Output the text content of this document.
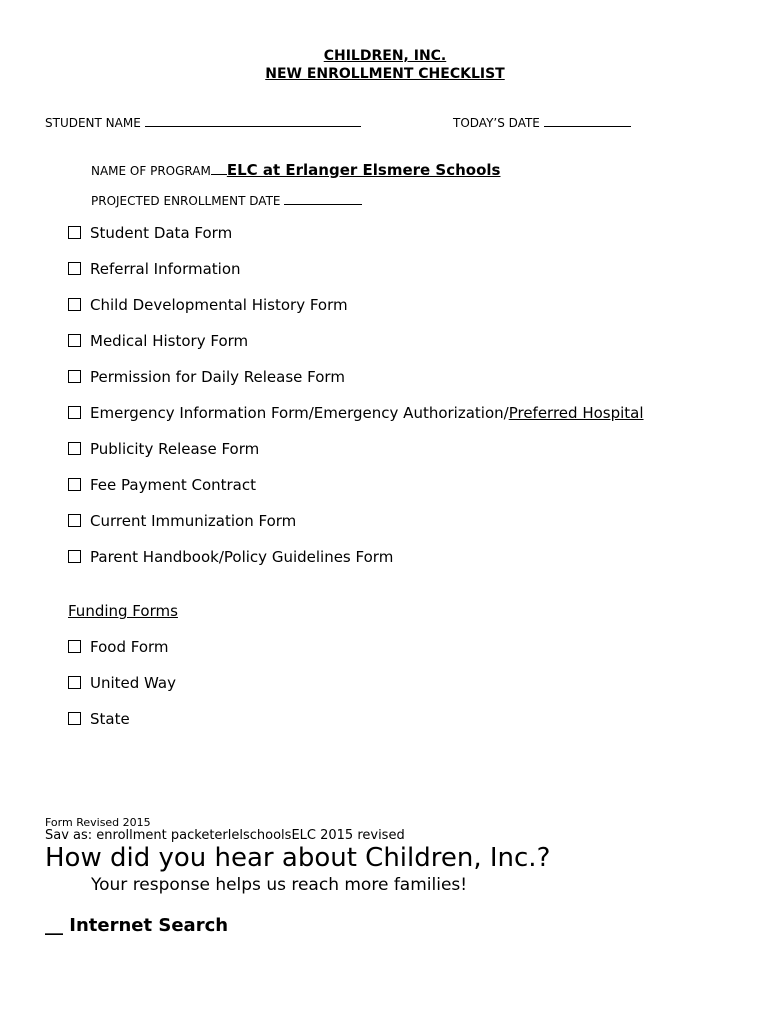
CHILDREN, INC.
NEW ENROLLMENT CHECKLIST
STUDENT NAME	TODAY’S DATE
NAME OF PROGRAM ELC at Erlanger Elsmere Schools
PROJECTED ENROLLMENT DATE
Student Data Form
Referral Information
Child Developmental History Form
Medical History Form
Permission for Daily Release Form
Emergency Information Form/Emergency Authorization/Preferred Hospital
Publicity Release Form
Fee Payment Contract
Current Immunization Form
Parent Handbook/Policy Guidelines Form
Funding Forms
Food Form
United Way
State
Form Revised 2015
Sav as: enrollment packeterlelschoolsELC 2015 revised
How did you hear about Children, Inc.?
Your response helps us reach more families!
__ Internet Search
